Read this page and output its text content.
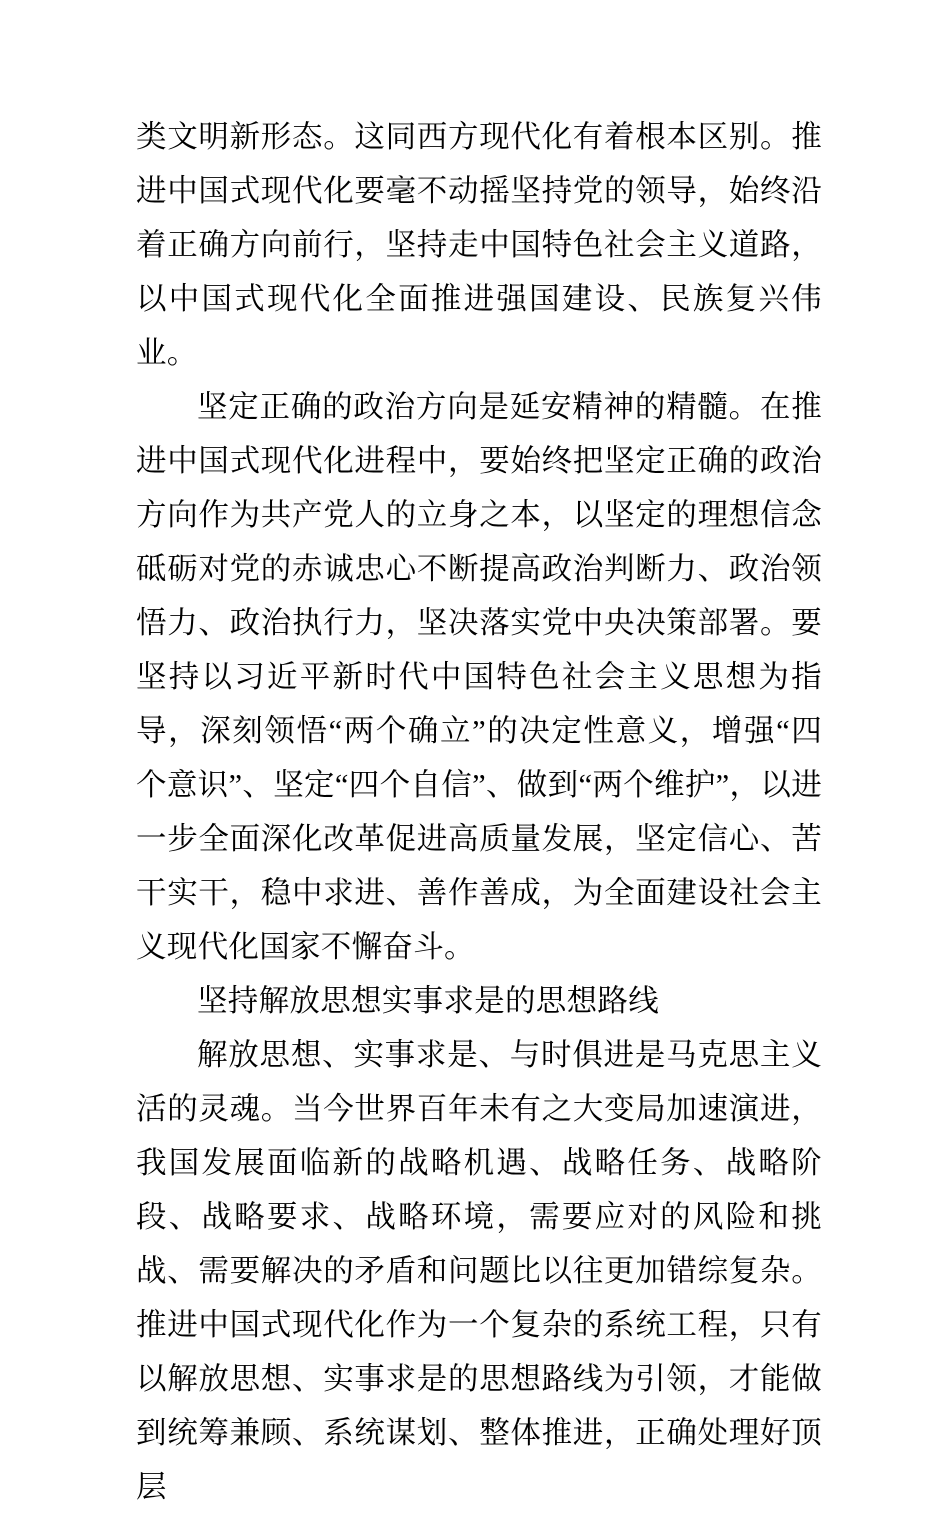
类文明新形态。这同西方现代化有着根本区别。推进中国式现代化要毫不动摇坚持党的领导，始终沿着正确方向前行，坚持走中国特色社会主义道路，以中国式现代化全面推进强国建设、民族复兴伟业。

坚定正确的政治方向是延安精神的精髓。在推进中国式现代化进程中，要始终把坚定正确的政治方向作为共产党人的立身之本，以坚定的理想信念砥砺对党的赤诚忠心不断提高政治判断力、政治领悟力、政治执行力，坚决落实党中央决策部署。要坚持以习近平新时代中国特色社会主义思想为指导，深刻领悟“两个确立”的决定性意义，增强“四个意识”、坚定“四个自信”、做到“两个维护”，以进一步全面深化改革促进高质量发展，坚定信心、苦干实干，稳中求进、善作善成，为全面建设社会主义现代化国家不懈奋斗。

坚持解放思想实事求是的思想路线

解放思想、实事求是、与时俱进是马克思主义活的灵魂。当今世界百年未有之大变局加速演进，我国发展面临新的战略机遇、战略任务、战略阶段、战略要求、战略环境，需要应对的风险和挑战、需要解决的矛盾和问题比以往更加错综复杂。推进中国式现代化作为一个复杂的系统工程，只有以解放思想、实事求是的思想路线为引领，才能做到统筹兼顾、系统谋划、整体推进，正确处理好顶层
